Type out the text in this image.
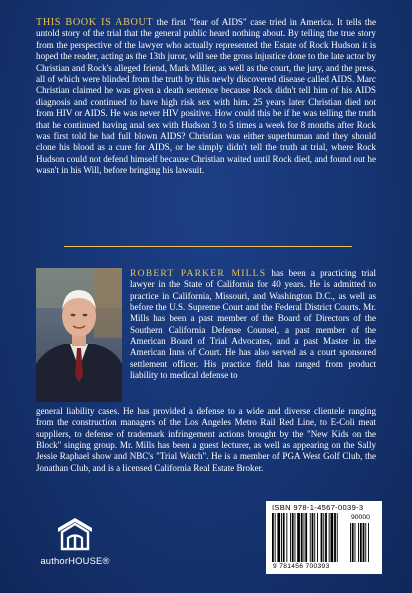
THIS BOOK IS ABOUT the first "fear of AIDS" case tried in America. It tells the untold story of the trial that the general public heard nothing about. By telling the true story from the perspective of the lawyer who actually represented the Estate of Rock Hudson it is hoped the reader, acting as the 13th juror, will see the gross injustice done to the late actor by Christian and Rock's alleged friend, Mark Miller, as well as the court, the jury, and the press, all of which were blinded from the truth by this newly discovered disease called AIDS. Marc Christian claimed he was given a death sentence because Rock didn't tell him of his AIDS diagnosis and continued to have high risk sex with him. 25 years later Christian died not from HIV or AIDS. He was never HIV positive. How could this be if he was telling the truth that he continued having anal sex with Hudson 3 to 5 times a week for 8 months after Rock was first told he had full blown AIDS? Christian was either superhuman and they should clone his blood as a cure for AIDS, or he simply didn't tell the truth at trial, where Rock Hudson could not defend himself because Christian waited until Rock died, and found out he wasn't in his Will, before bringing his lawsuit.
ROBERT PARKER MILLS has been a practicing trial lawyer in the State of California for 40 years. He is admitted to practice in California, Missouri, and Washington D.C., as well as before the U.S. Supreme Court and the Federal District Courts. Mr. Mills has been a past member of the Board of Directors of the Southern California Defense Counsel, a past member of the American Board of Trial Advocates, and a past Master in the American Inns of Court. He has also served as a court sponsored settlement officer. His practice field has ranged from product liability to medical defense to
general liability cases. He has provided a defense to a wide and diverse clientele ranging from the construction managers of the Los Angeles Metro Rail Red Line, to E-Coli meat suppliers, to defense of trademark infringement actions brought by the "New Kids on the Block" singing group. Mr. Mills has been a guest lecturer, as well as appearing on the Sally Jessie Raphael show and NBC's "Trial Watch". He is a member of PGA West Golf Club, the Jonathan Club, and is a licensed California Real Estate Broker.
authorHOUSE®
ISBN 978-1-4567-0039-3
90000
9 781456 700393
